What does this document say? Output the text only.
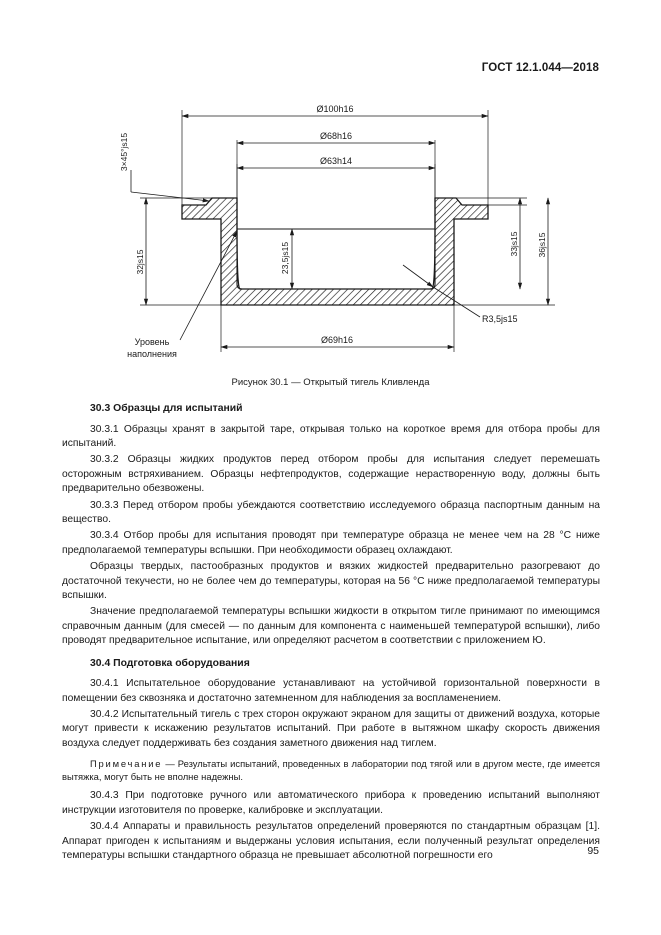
ГОСТ 12.1.044—2018
Ø100h16
Ø68h16
Ø63h14
Ø69h16
3×45°js15
32js15	23,5js15	33js15 36js15
R3,5js15
Уровень
наполнения
Рисунок 30.1 — Открытый тигель Кливленда
30.3 Образцы для испытаний

30.3.1 Образцы хранят в закрытой таре, открывая только на короткое время для отбора пробы для испытаний.

30.3.2 Образцы жидких продуктов перед отбором пробы для испытания следует перемешать осторожным встряхиванием. Образцы нефтепродуктов, содержащие нерастворенную воду, должны быть предварительно обезвожены.

30.3.3 Перед отбором пробы убеждаются соответствию исследуемого образца паспортным данным на вещество.

30.3.4 Отбор пробы для испытания проводят при температуре образца не менее чем на 28 °С ниже предполагаемой температуры вспышки. При необходимости образец охлаждают.

Образцы твердых, пастообразных продуктов и вязких жидкостей предварительно разогревают до достаточной текучести, но не более чем до температуры, которая на 56 °С ниже предполагаемой температуры вспышки.

Значение предполагаемой температуры вспышки жидкости в открытом тигле принимают по имеющимся справочным данным (для смесей — по данным для компонента с наименьшей температурой вспышки), либо проводят предварительное испытание, или определяют расчетом в соответствии с приложением Ю.

30.4 Подготовка оборудования

30.4.1 Испытательное оборудование устанавливают на устойчивой горизонтальной поверхности в помещении без сквозняка и достаточно затемненном для наблюдения за воспламенением.

30.4.2 Испытательный тигель с трех сторон окружают экраном для защиты от движений воздуха, которые могут привести к искажению результатов испытаний. При работе в вытяжном шкафу скорость движения воздуха следует поддерживать без создания заметного движения над тиглем.

Примечание — Результаты испытаний, проведенных в лаборатории под тягой или в другом месте, где имеется вытяжка, могут быть не вполне надежны.

30.4.3 При подготовке ручного или автоматического прибора к проведению испытаний выполняют инструкции изготовителя по проверке, калибровке и эксплуатации.

30.4.4 Аппараты и правильность результатов определений проверяются по стандартным образцам [1]. Аппарат пригоден к испытаниям и выдержаны условия испытания, если полученный результат определения температуры вспышки стандартного образца не превышает абсолютной погрешности его	95
